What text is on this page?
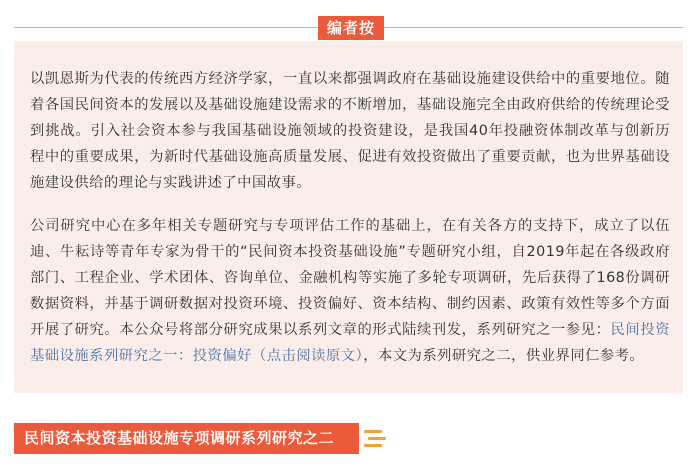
编者按

以凯恩斯为代表的传统西方经济学家，一直以来都强调政府在基础设施建设供给中的重要地位。随着各国民间资本的发展以及基础设施建设需求的不断增加，基础设施完全由政府供给的传统理论受到挑战。引入社会资本参与我国基础设施领域的投资建设，是我国40年投融资体制改革与创新历程中的重要成果，为新时代基础设施高质量发展、促进有效投资做出了重要贡献，也为世界基础设施建设供给的理论与实践讲述了中国故事。

公司研究中心在多年相关专题研究与专项评估工作的基础上，在有关各方的支持下，成立了以伍迪、牛耘诗等青年专家为骨干的“民间资本投资基础设施”专题研究小组，自2019年起在各级政府部门、工程企业、学术团体、咨询单位、金融机构等实施了多轮专项调研，先后获得了168份调研数据资料，并基于调研数据对投资环境、投资偏好、资本结构、制约因素、政策有效性等多个方面开展了研究。本公众号将部分研究成果以系列文章的形式陆续刊发，系列研究之一参见：民间投资基础设施系列研究之一：投资偏好（点击阅读原文），本文为系列研究之二，供业界同仁参考。

民间资本投资基础设施专项调研系列研究之二
